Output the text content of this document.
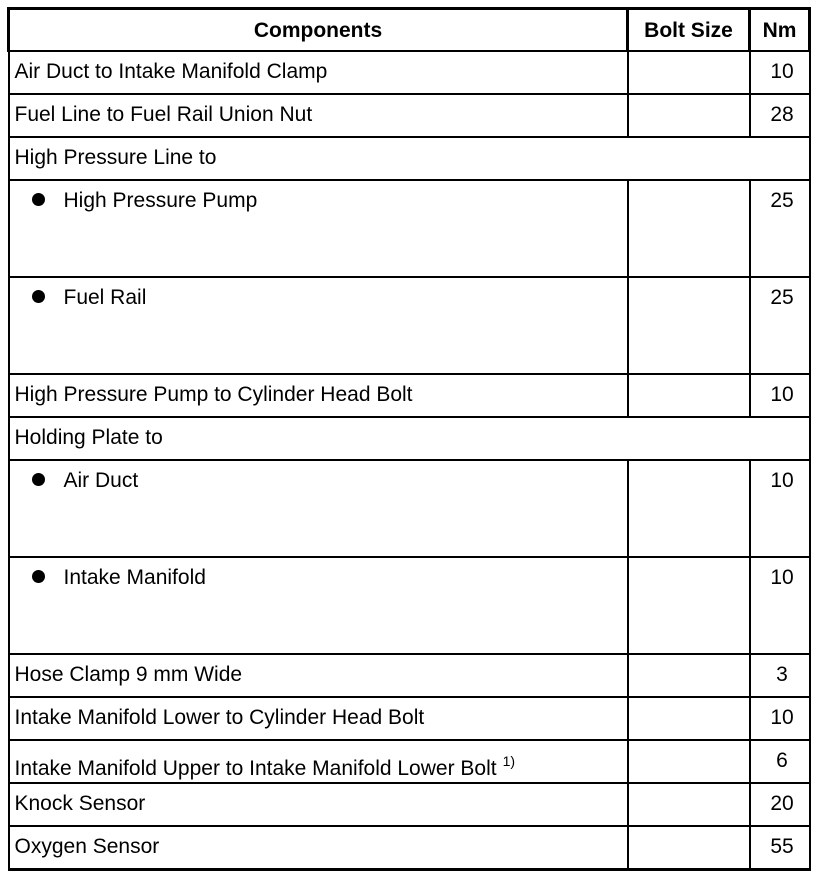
Components	Bolt Size	Nm
Air Duct to Intake Manifold Clamp		10
Fuel Line to Fuel Rail Union Nut		28
High Pressure Line to		

High Pressure Pump		25

Fuel Rail		25
High Pressure Pump to Cylinder Head Bolt		10
Holding Plate to		

Air Duct		10

Intake Manifold		10
Hose Clamp 9 mm Wide		3
Intake Manifold Lower to Cylinder Head Bolt		10
Intake Manifold Upper to Intake Manifold Lower Bolt $^{1)}$		6
Knock Sensor		20
Oxygen Sensor		55
